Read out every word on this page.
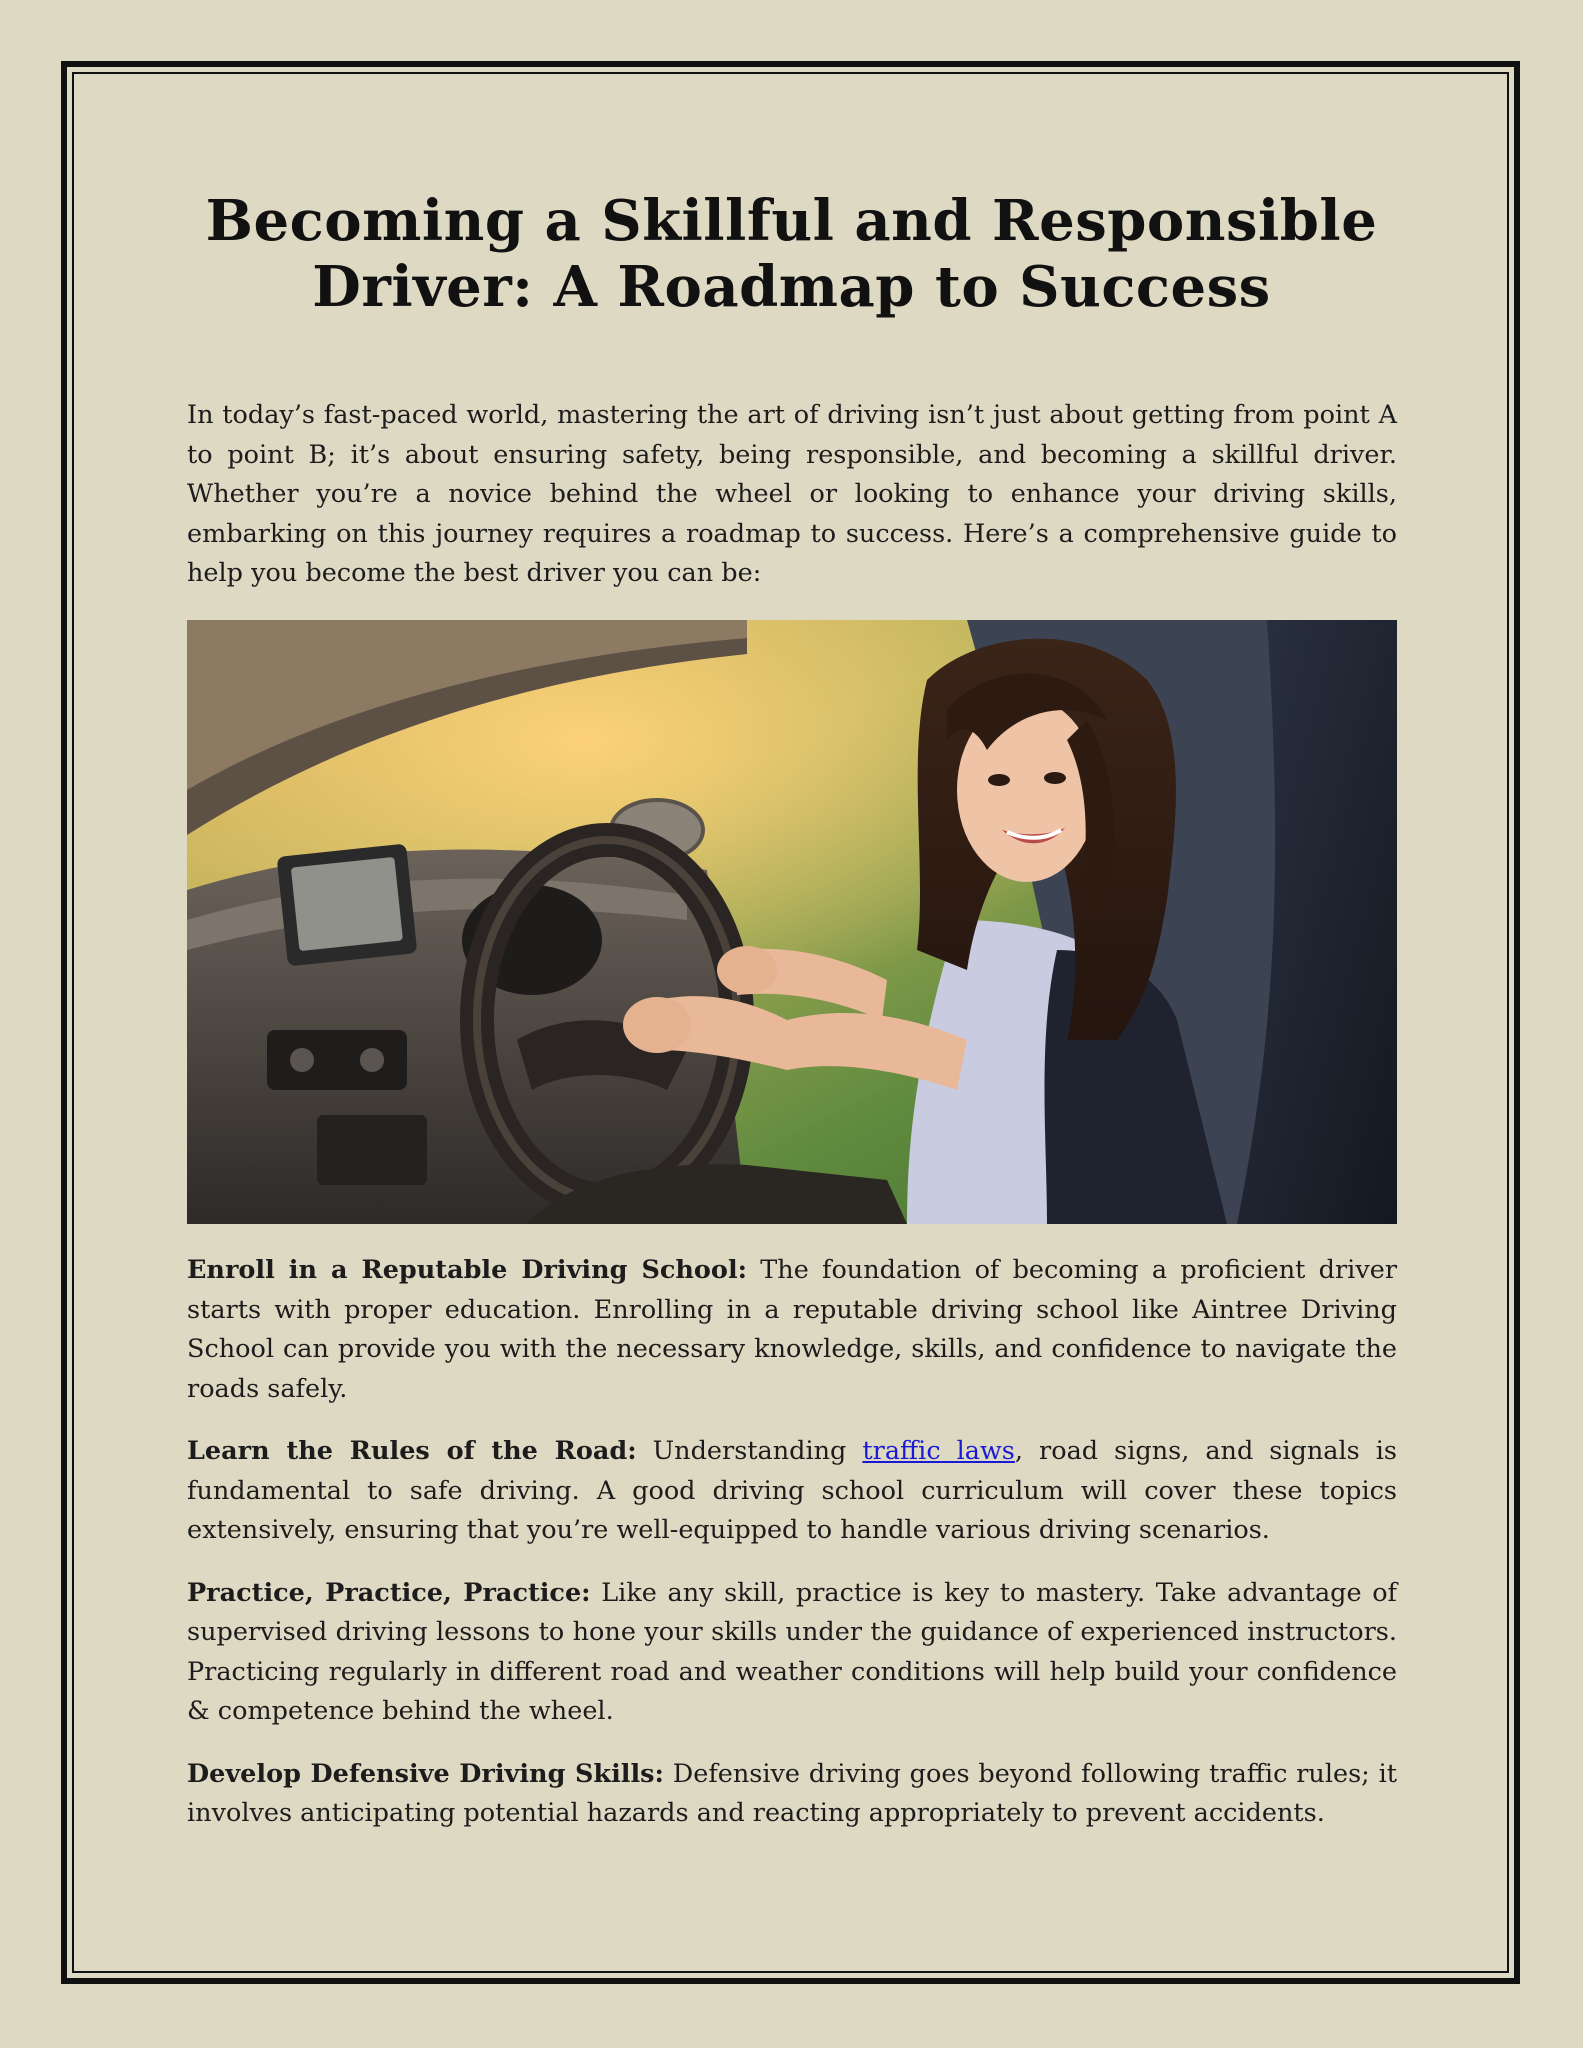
Becoming a Skillful and Responsible
Driver: A Roadmap to Success

In today’s fast-paced world, mastering the art of driving isn’t just about getting from point A to point B; it’s about ensuring safety, being responsible, and becoming a skillful driver. Whether you’re a novice behind the wheel or looking to enhance your driving skills, embarking on this journey requires a roadmap to success. Here’s a comprehensive guide to help you become the best driver you can be:

Enroll in a Reputable Driving School: The foundation of becoming a proficient driver starts with proper education. Enrolling in a reputable driving school like Aintree Driving School can provide you with the necessary knowledge, skills, and confidence to navigate the roads safely.

Learn the Rules of the Road: Understanding traffic laws, road signs, and signals is fundamental to safe driving. A good driving school curriculum will cover these topics extensively, ensuring that you’re well-equipped to handle various driving scenarios.

Practice, Practice, Practice: Like any skill, practice is key to mastery. Take advantage of supervised driving lessons to hone your skills under the guidance of experienced instructors. Practicing regularly in different road and weather conditions will help build your confidence & competence behind the wheel.

Develop Defensive Driving Skills: Defensive driving goes beyond following traffic rules; it involves anticipating potential hazards and reacting appropriately to prevent accidents.
